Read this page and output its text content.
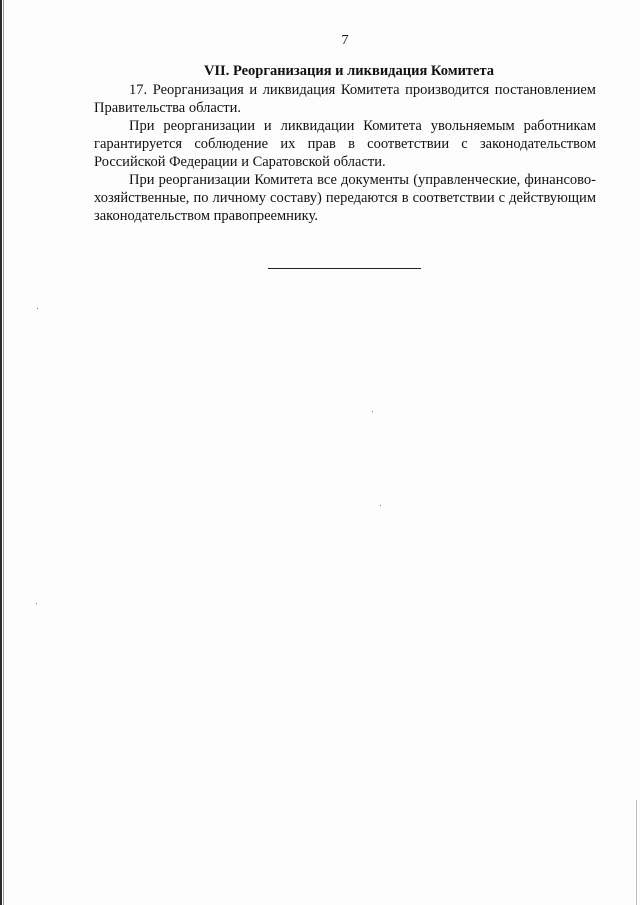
7
VII. Реорганизация и ликвидация Комитета

17. Реорганизация и ликвидация Комитета производится постановлением Правительства области.

При реорганизации и ликвидации Комитета увольняемым работникам гарантируется соблюдение их прав в соответствии с законодательством Российской Федерации и Саратовской области.

При реорганизации Комитета все документы (управленческие, финансово-хозяйственные, по личному составу) передаются в соответствии с действующим законодательством правопреемнику.
